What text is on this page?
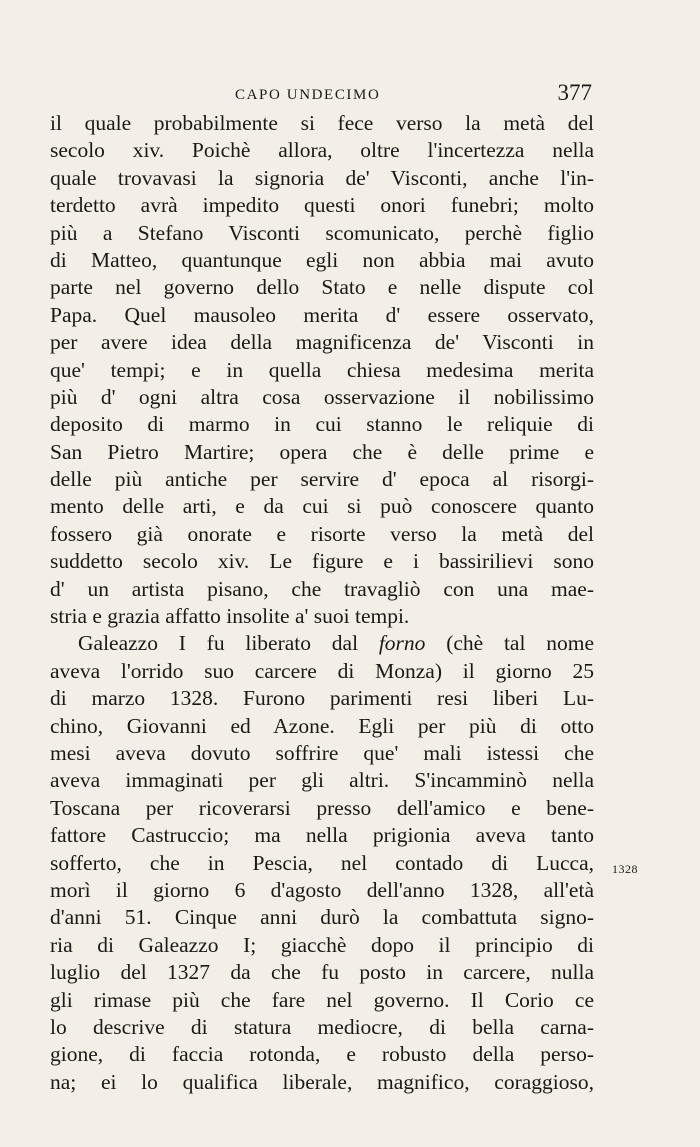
CAPO UNDECIMO	377
il quale probabilmente si fece verso la metà del
secolo xiv. Poichè allora, oltre l'incertezza nella
quale trovavasi la signoria de' Visconti, anche l'in-
terdetto avrà impedito questi onori funebri; molto
più a Stefano Visconti scomunicato, perchè figlio
di Matteo, quantunque egli non abbia mai avuto
parte nel governo dello Stato e nelle dispute col
Papa. Quel mausoleo merita d' essere osservato,
per avere idea della magnificenza de' Visconti in
que' tempi; e in quella chiesa medesima merita
più d' ogni altra cosa osservazione il nobilissimo
deposito di marmo in cui stanno le reliquie di
San Pietro Martire; opera che è delle prime e
delle più antiche per servire d' epoca al risorgi-
mento delle arti, e da cui si può conoscere quanto
fossero già onorate e risorte verso la metà del
suddetto secolo xiv. Le figure e i bassirilievi sono
d' un artista pisano, che travagliò con una mae-
stria e grazia affatto insolite a' suoi tempi.
Galeazzo I fu liberato dal forno (chè tal nome
aveva l'orrido suo carcere di Monza) il giorno 25
di marzo 1328. Furono parimenti resi liberi Lu-
chino, Giovanni ed Azone. Egli per più di otto
mesi aveva dovuto soffrire que' mali istessi che
aveva immaginati per gli altri. S'incamminò nella
Toscana per ricoverarsi presso dell'amico e bene-
fattore Castruccio; ma nella prigionia aveva tanto
sofferto, che in Pescia, nel contado di Lucca,
morì il giorno 6 d'agosto dell'anno 1328, all'età
d'anni 51. Cinque anni durò la combattuta signo-
ria di Galeazzo I; giacchè dopo il principio di
luglio del 1327 da che fu posto in carcere, nulla
gli rimase più che fare nel governo. Il Corio ce
lo descrive di statura mediocre, di bella carna-
gione, di faccia rotonda, e robusto della perso-
na; ei lo qualifica liberale, magnifico, coraggioso,
1328
